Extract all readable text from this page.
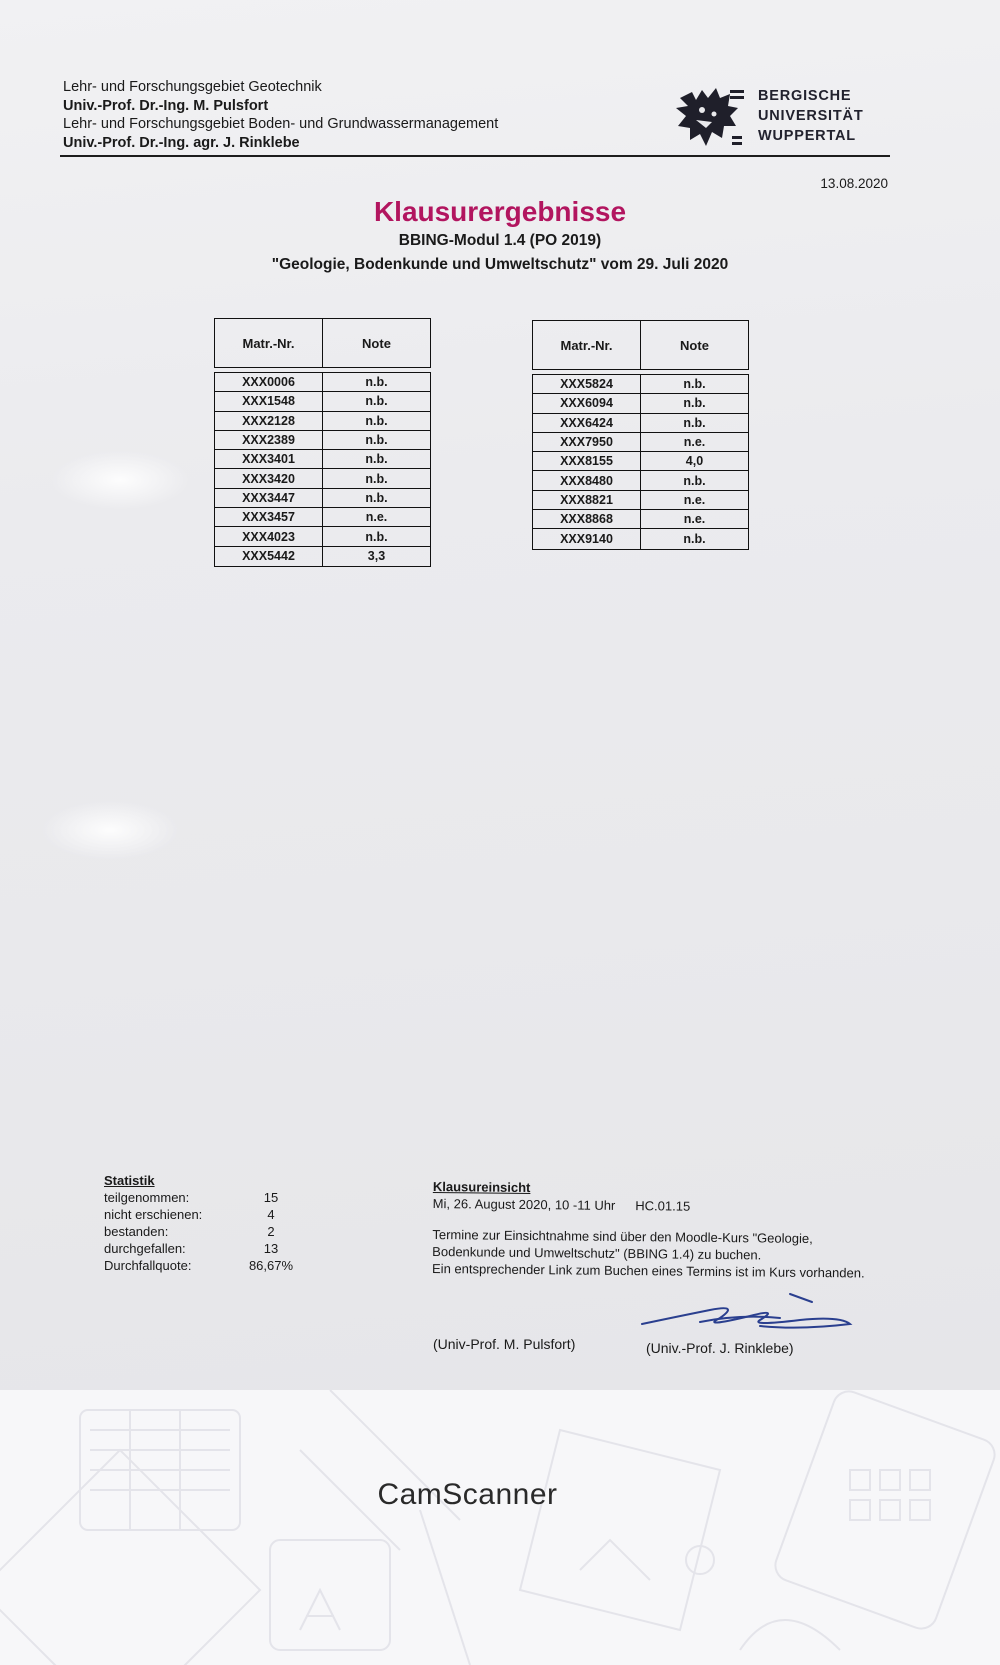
Lehr- und Forschungsgebiet Geotechnik
Univ.-Prof. Dr.-Ing. M. Pulsfort
Lehr- und Forschungsgebiet Boden- und Grundwassermanagement
Univ.-Prof. Dr.-Ing. agr. J. Rinklebe
BERGISCHE
UNIVERSITÄT
WUPPERTAL
13.08.2020
Klausurergebnisse
BBING-Modul 1.4 (PO 2019)
"Geologie, Bodenkunde und Umweltschutz" vom 29. Juli 2020
Matr.-Nr.	Note
XXX0006	n.b.
XXX1548	n.b.
XXX2128	n.b.
XXX2389	n.b.
XXX3401	n.b.
XXX3420	n.b.
XXX3447	n.b.
XXX3457	n.e.
XXX4023	n.b.
XXX5442	3,3
Matr.-Nr.	Note
XXX5824	n.b.
XXX6094	n.b.
XXX6424	n.b.
XXX7950	n.e.
XXX8155	4,0
XXX8480	n.b.
XXX8821	n.e.
XXX8868	n.e.
XXX9140	n.b.
Statistik
teilgenommen:	15
nicht erschienen:	4
bestanden:	2
durchgefallen:	13
Durchfallquote:	86,67%
Klausureinsicht
Mi, 26. August 2020, 10 -11 Uhr HC.01.15
Termine zur Einsichtnahme sind über den Moodle-Kurs "Geologie,
Bodenkunde und Umweltschutz" (BBING 1.4) zu buchen.
Ein entsprechender Link zum Buchen eines Termins ist im Kurs vorhanden.
(Univ-Prof. M. Pulsfort)	(Univ.-Prof. J. Rinklebe)
CamScanner
